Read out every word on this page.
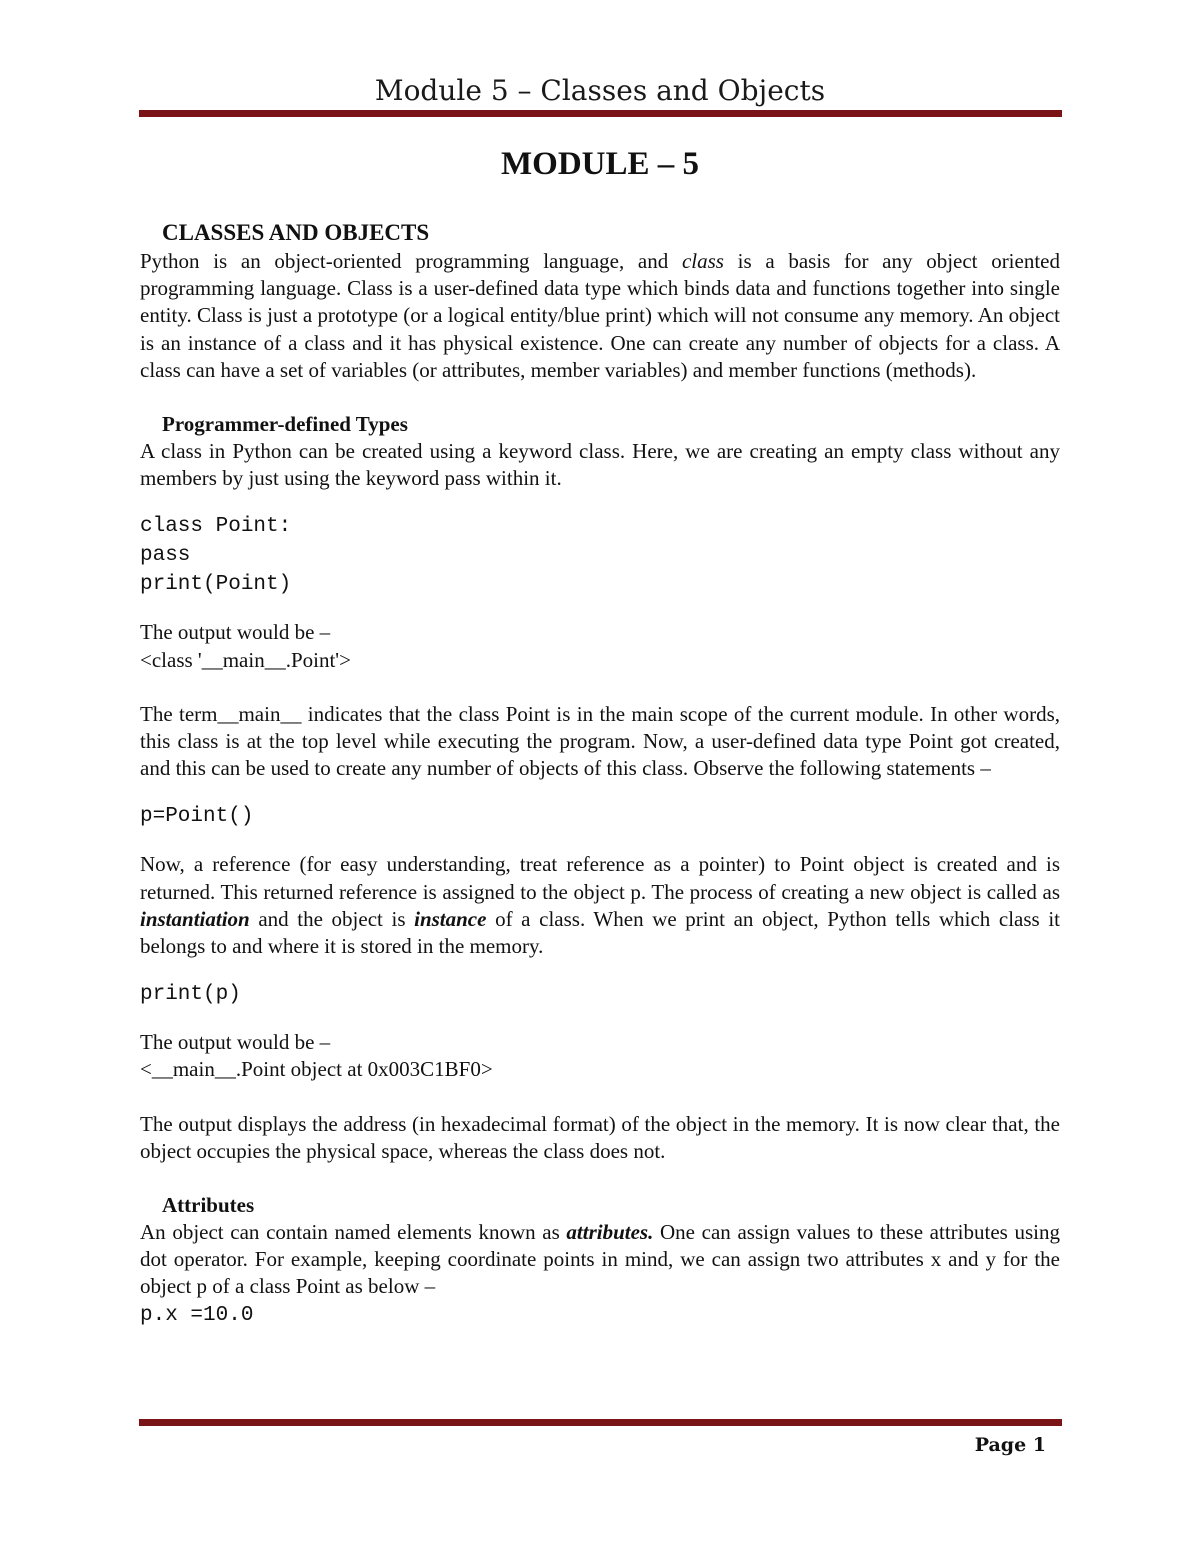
Module 5 – Classes and Objects
MODULE – 5
CLASSES AND OBJECTS

Python is an object-oriented programming language, and class is a basis for any object oriented programming language. Class is a user-defined data type which binds data and functions together into single entity. Class is just a prototype (or a logical entity/blue print) which will not consume any memory. An object is an instance of a class and it has physical existence. One can create any number of objects for a class. A class can have a set of variables (or attributes, member variables) and member functions (methods).

Programmer-defined Types

A class in Python can be created using a keyword class. Here, we are creating an empty class without any members by just using the keyword pass within it.

class Point:
pass
print(Point)

The output would be –

<class '__main__.Point'>

The term__main__ indicates that the class Point is in the main scope of the current module. In other words, this class is at the top level while executing the program. Now, a user-defined data type Point got created, and this can be used to create any number of objects of this class. Observe the following statements –

p=Point()

Now, a reference (for easy understanding, treat reference as a pointer) to Point object is created and is returned. This returned reference is assigned to the object p. The process of creating a new object is called as instantiation and the object is instance of a class. When we print an object, Python tells which class it belongs to and where it is stored in the memory.

print(p)

The output would be –

<__main__.Point object at 0x003C1BF0>

The output displays the address (in hexadecimal format) of the object in the memory. It is now clear that, the object occupies the physical space, whereas the class does not.

Attributes

An object can contain named elements known as attributes. One can assign values to these attributes using dot operator. For example, keeping coordinate points in mind, we can assign two attributes x and y for the object p of a class Point as below –

p.x =10.0
Page 1
